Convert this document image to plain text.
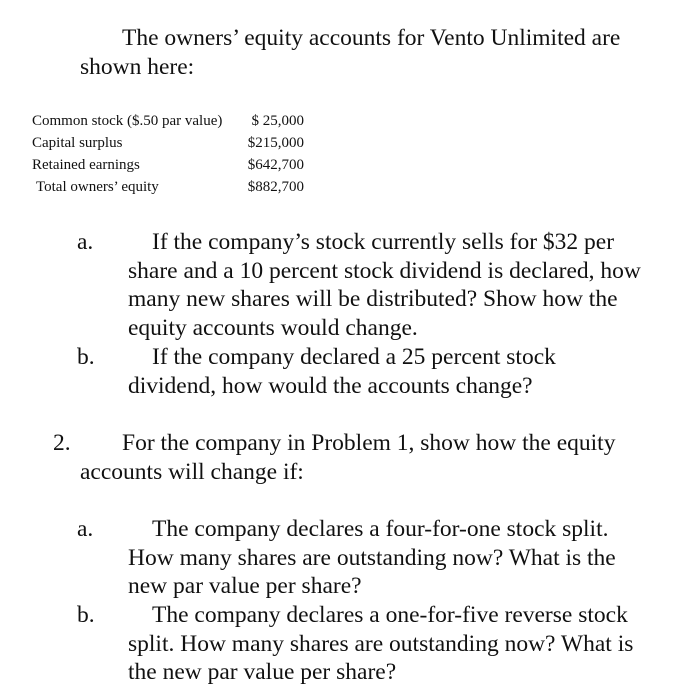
The owners’ equity accounts for Vento Unlimited are
shown here:
Common stock ($.50 par value) $ 25,000
Capital surplus	$215,000
Retained earnings	$642,700
Total owners’ equity	$882,700
a. If the company’s stock currently sells for $32 per
share and a 10 percent stock dividend is declared, how
many new shares will be distributed? Show how the
equity accounts would change.
b. If the company declared a 25 percent stock
dividend, how would the accounts change?
2. For the company in Problem 1, show how the equity
accounts will change if:
a. The company declares a four-for-one stock split.
How many shares are outstanding now? What is the
new par value per share?
b. The company declares a one-for-five reverse stock
split. How many shares are outstanding now? What is
the new par value per share?
